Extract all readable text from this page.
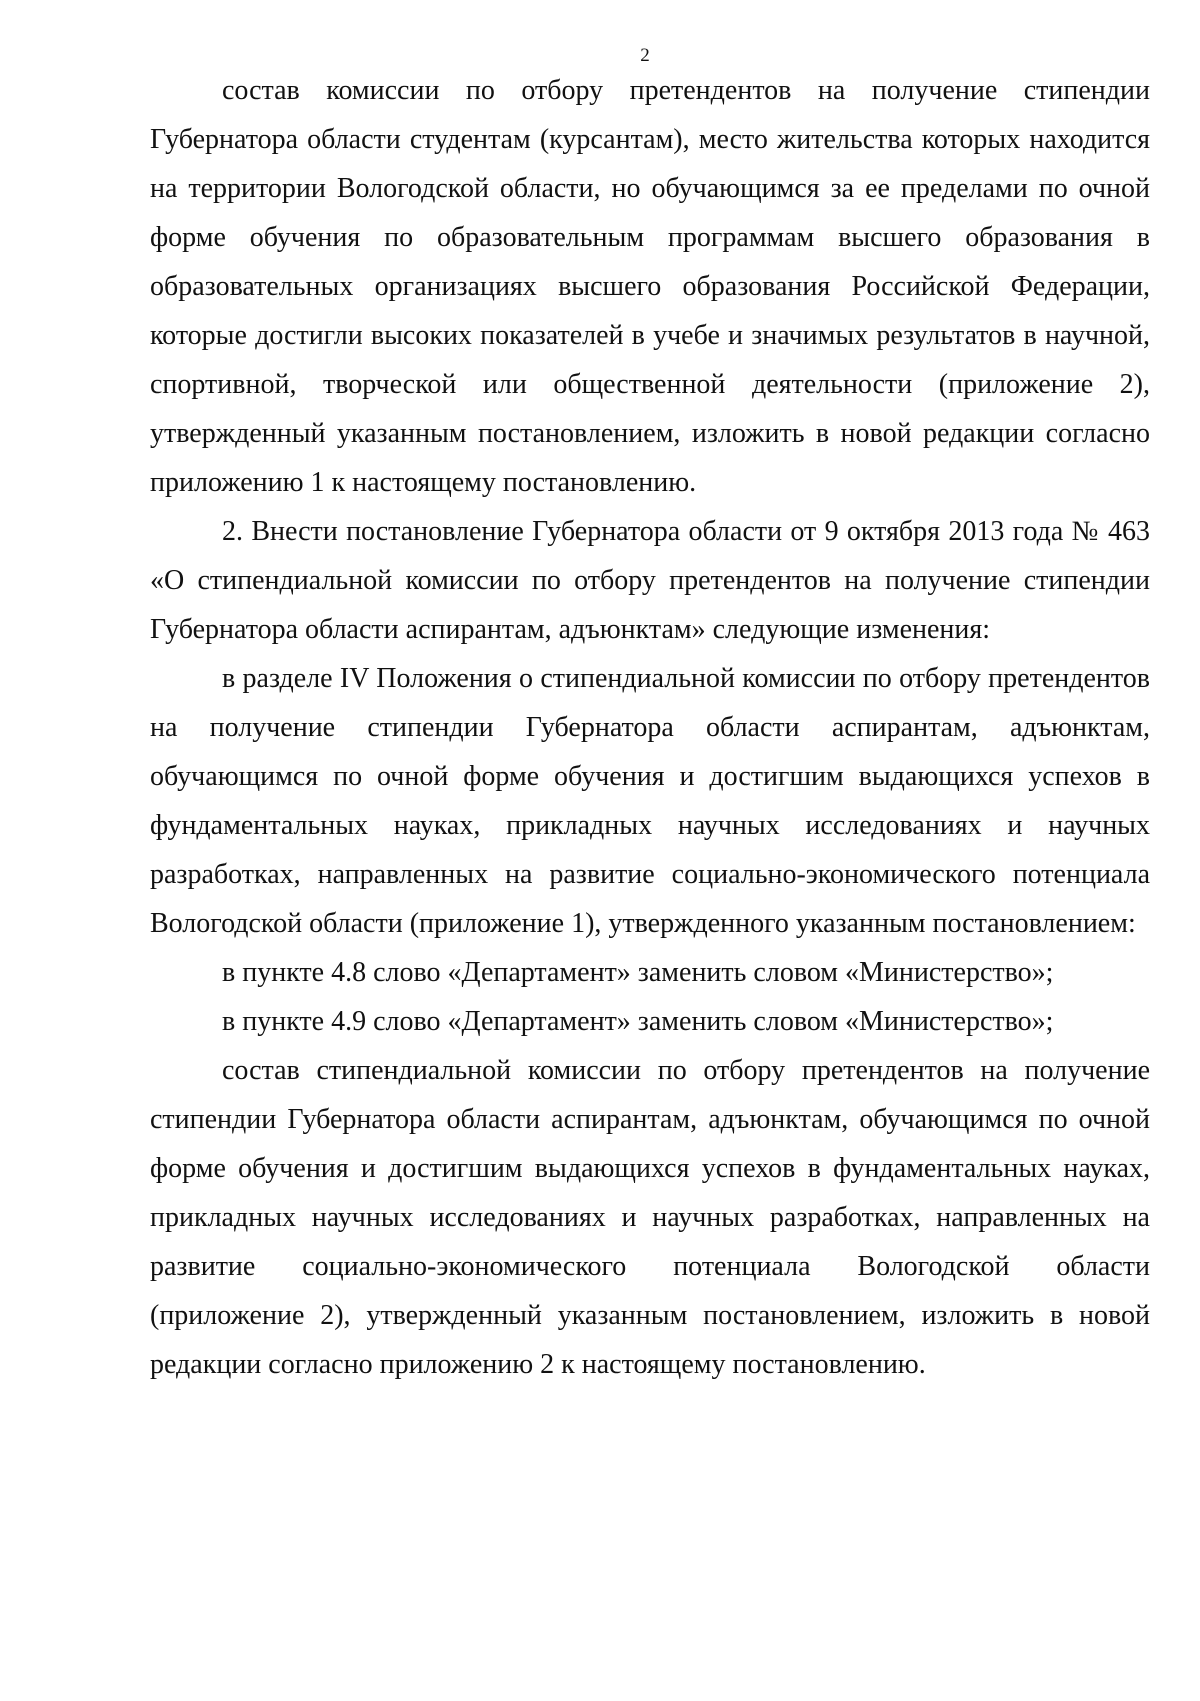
2

состав комиссии по отбору претендентов на получение стипендии Губернатора области студентам (курсантам), место жительства которых находится на территории Вологодской области, но обучающимся за ее пределами по очной форме обучения по образовательным программам высшего образования в образовательных организациях высшего образования Российской Федерации, которые достигли высоких показателей в учебе и значимых результатов в научной, спортивной, творческой или общественной деятельности (приложение 2), утвержденный указанным постановлением, изложить в новой редакции согласно приложению 1 к настоящему постановлению.

2. Внести постановление Губернатора области от 9 октября 2013 года № 463 «О стипендиальной комиссии по отбору претендентов на получение стипендии Губернатора области аспирантам, адъюнктам» следующие изменения:

в разделе IV Положения о стипендиальной комиссии по отбору претендентов на получение стипендии Губернатора области аспирантам, адъюнктам, обучающимся по очной форме обучения и достигшим выдающихся успехов в фундаментальных науках, прикладных научных исследованиях и научных разработках, направленных на развитие социально-экономического потенциала Вологодской области (приложение 1), утвержденного указанным постановлением:

в пункте 4.8 слово «Департамент» заменить словом «Министерство»;

в пункте 4.9 слово «Департамент» заменить словом «Министерство»;

состав стипендиальной комиссии по отбору претендентов на получение стипендии Губернатора области аспирантам, адъюнктам, обучающимся по очной форме обучения и достигшим выдающихся успехов в фундаментальных науках, прикладных научных исследованиях и научных разработках, направленных на развитие социально-экономического потенциала Вологодской области (приложение 2), утвержденный указанным постановлением, изложить в новой редакции согласно приложению 2 к настоящему постановлению.
